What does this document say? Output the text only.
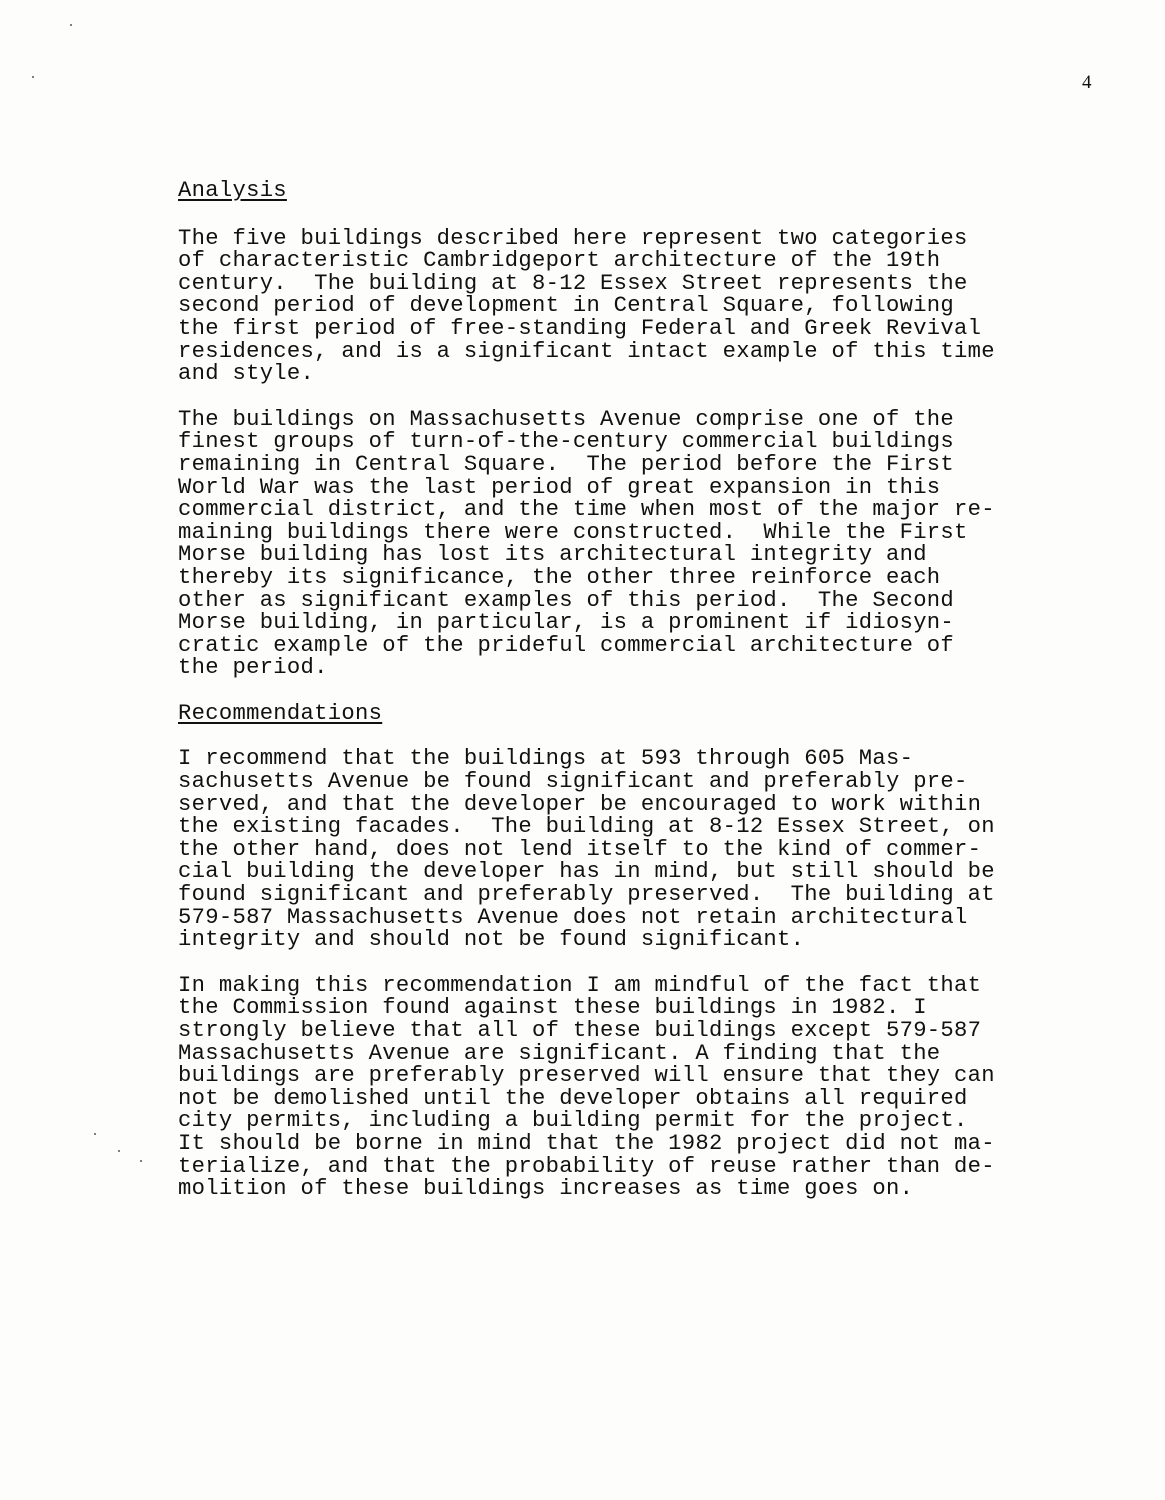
4

Analysis

The five buildings described here represent two categories
of characteristic Cambridgeport architecture of the 19th
century.  The building at 8-12 Essex Street represents the
second period of development in Central Square, following
the first period of free-standing Federal and Greek Revival
residences, and is a significant intact example of this time
and style.

The buildings on Massachusetts Avenue comprise one of the
finest groups of turn-of-the-century commercial buildings
remaining in Central Square.  The period before the First
World War was the last period of great expansion in this
commercial district, and the time when most of the major re-
maining buildings there were constructed.  While the First
Morse building has lost its architectural integrity and
thereby its significance, the other three reinforce each
other as significant examples of this period.  The Second
Morse building, in particular, is a prominent if idiosyn-
cratic example of the prideful commercial architecture of
the period.

Recommendations

I recommend that the buildings at 593 through 605 Mas-
sachusetts Avenue be found significant and preferably pre-
served, and that the developer be encouraged to work within
the existing facades.  The building at 8-12 Essex Street, on
the other hand, does not lend itself to the kind of commer-
cial building the developer has in mind, but still should be
found significant and preferably preserved.  The building at
579-587 Massachusetts Avenue does not retain architectural
integrity and should not be found significant.

In making this recommendation I am mindful of the fact that
the Commission found against these buildings in 1982. I
strongly believe that all of these buildings except 579-587
Massachusetts Avenue are significant. A finding that the
buildings are preferably preserved will ensure that they can
not be demolished until the developer obtains all required
city permits, including a building permit for the project.
It should be borne in mind that the 1982 project did not ma-
terialize, and that the probability of reuse rather than de-
molition of these buildings increases as time goes on.
